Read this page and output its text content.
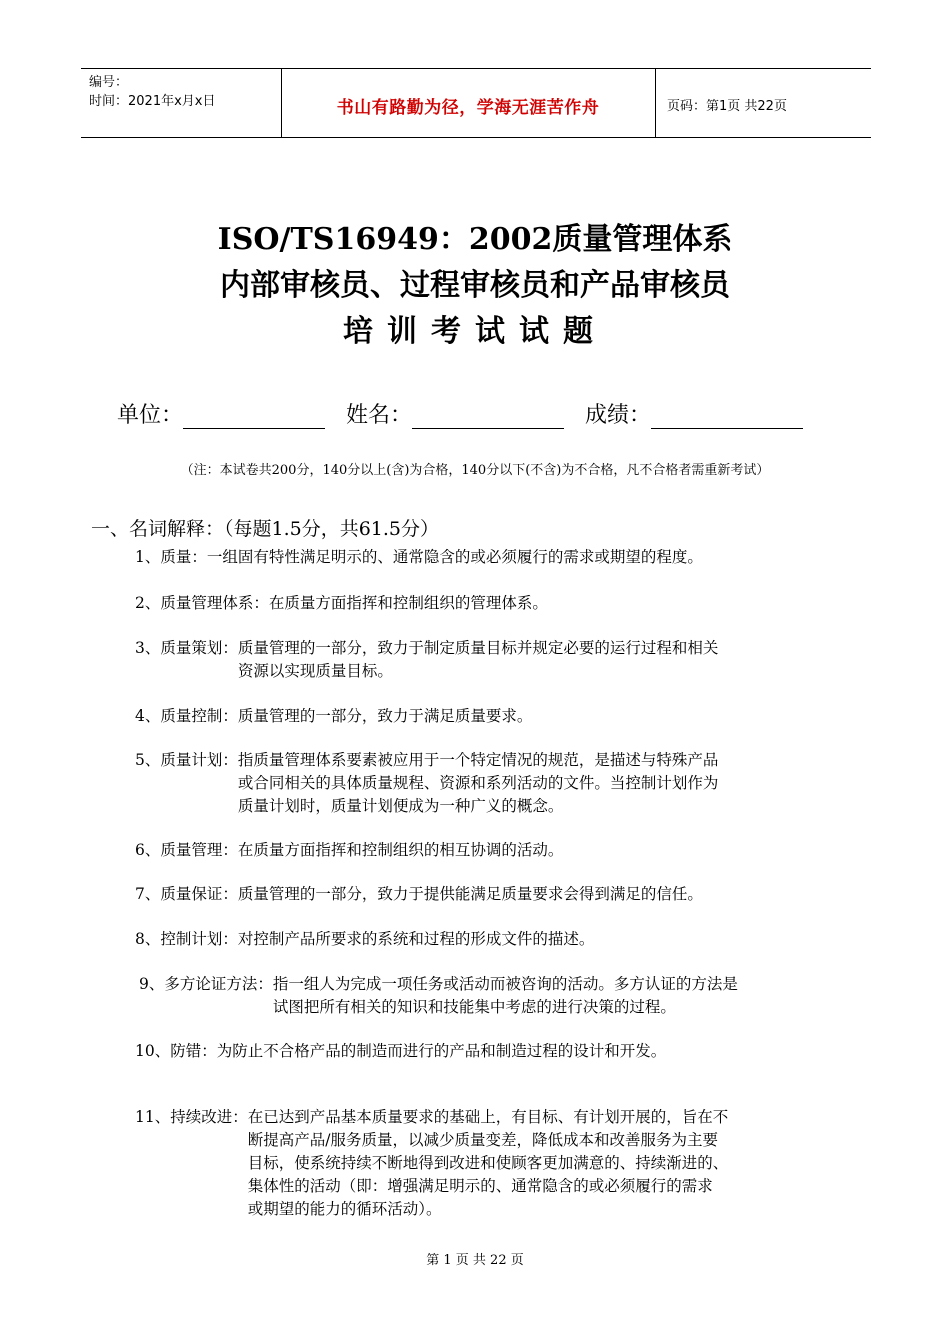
编号：
时间：2021年x月x日	书山有路勤为径，学海无涯苦作舟	页码：第1页 共22页
ISO/TS16949：2002质量管理体系
内部审核员、过程审核员和产品审核员
培训考试试题
单位：	姓名：	成绩：
（注：本试卷共200分，140分以上(含)为合格，140分以下(不含)为不合格，凡不合格者需重新考试）
一、名词解释：（每题1.5分，共61.5分）
1、质量：一组固有特性满足明示的、通常隐含的或必须履行的需求或期望的程度。
2、质量管理体系：在质量方面指挥和控制组织的管理体系。
3、质量策划： 质量管理的一部分，致力于制定质量目标并规定必要的运行过程和相关
资源以实现质量目标。
4、质量控制：质量管理的一部分，致力于满足质量要求。
5、质量计划： 指质量管理体系要素被应用于一个特定情况的规范，是描述与特殊产品
或合同相关的具体质量规程、资源和系列活动的文件。当控制计划作为
质量计划时，质量计划便成为一种广义的概念。
6、质量管理：在质量方面指挥和控制组织的相互协调的活动。
7、质量保证：质量管理的一部分，致力于提供能满足质量要求会得到满足的信任。
8、控制计划：对控制产品所要求的系统和过程的形成文件的描述。
9、多方论证方法： 指一组人为完成一项任务或活动而被咨询的活动。多方认证的方法是
试图把所有相关的知识和技能集中考虑的进行决策的过程。
10、防错：为防止不合格产品的制造而进行的产品和制造过程的设计和开发。
11、持续改进： 在已达到产品基本质量要求的基础上，有目标、有计划开展的，旨在不
断提高产品/服务质量，以减少质量变差，降低成本和改善服务为主要
目标，使系统持续不断地得到改进和使顾客更加满意的、持续渐进的、
集体性的活动（即：增强满足明示的、通常隐含的或必须履行的需求
或期望的能力的循环活动）。
第 1 页 共 22 页
